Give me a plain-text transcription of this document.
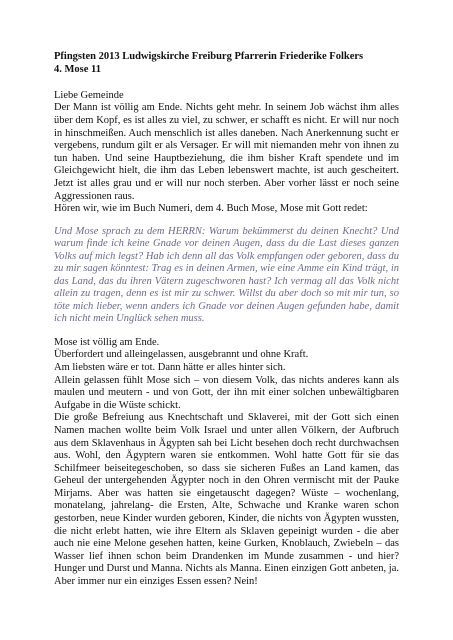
Pfingsten 2013 Ludwigskirche Freiburg Pfarrerin Friederike Folkers
4. Mose 11

Liebe Gemeinde

Der Mann ist völlig am Ende. Nichts geht mehr. In seinem Job wächst ihm alles über dem Kopf, es ist alles zu viel, zu schwer, er schafft es nicht. Er will nur noch in hinschmeißen. Auch menschlich ist alles daneben. Nach Anerkennung sucht er vergebens, rundum gilt er als Versager. Er will mit niemanden mehr von ihnen zu tun haben. Und seine Hauptbeziehung, die ihm bisher Kraft spendete und im Gleichgewicht hielt, die ihm das Leben lebenswert machte, ist auch gescheitert. Jetzt ist alles grau und er will nur noch sterben. Aber vorher lässt er noch seine Aggressionen raus.

Hören wir, wie im Buch Numeri, dem 4. Buch Mose, Mose mit Gott redet:

Und Mose sprach zu dem HERRN: Warum bekümmerst du deinen Knecht? Und warum finde ich keine Gnade vor deinen Augen, dass du die Last dieses ganzen Volks auf mich legst? Hab ich denn all das Volk empfangen oder geboren, dass du zu mir sagen könntest: Trag es in deinen Armen, wie eine Amme ein Kind trägt, in das Land, das du ihren Vätern zugeschworen hast? Ich vermag all das Volk nicht allein zu tragen, denn es ist mir zu schwer. Willst du aber doch so mit mir tun, so töte mich lieber, wenn anders ich Gnade vor deinen Augen gefunden habe, damit ich nicht mein Unglück sehen muss.

Mose ist völlig am Ende.
Überfordert und alleingelassen, ausgebrannt und ohne Kraft.
Am liebsten wäre er tot. Dann hätte er alles hinter sich.

Allein gelassen fühlt Mose sich – von diesem Volk, das nichts anderes kann als maulen und meutern - und von Gott, der ihn mit einer solchen unbewältigbaren Aufgabe in die Wüste schickt.

Die große Befreiung aus Knechtschaft und Sklaverei, mit der Gott sich einen Namen machen wollte beim Volk Israel und unter allen Völkern, der Aufbruch aus dem Sklavenhaus in Ägypten sah bei Licht besehen doch recht durchwachsen aus. Wohl, den Ägyptern waren sie entkommen. Wohl hatte Gott für sie das Schilfmeer beiseitegeschoben, so dass sie sicheren Fußes an Land kamen, das Geheul der untergehenden Ägypter noch in den Ohren vermischt mit der Pauke Mirjams. Aber was hatten sie eingetauscht dagegen? Wüste – wochenlang, monatelang, jahrelang- die Ersten, Alte, Schwache und Kranke waren schon gestorben, neue Kinder wurden geboren, Kinder, die nichts von Ägypten wussten, die nicht erlebt hatten, wie ihre Eltern als Sklaven gepeinigt wurden - die aber auch nie eine Melone gesehen hatten, keine Gurken, Knoblauch, Zwiebeln – das Wasser lief ihnen schon beim Drandenken im Munde zusammen - und hier? Hunger und Durst und Manna. Nichts als Manna. Einen einzigen Gott anbeten, ja. Aber immer nur ein einziges Essen essen? Nein!
